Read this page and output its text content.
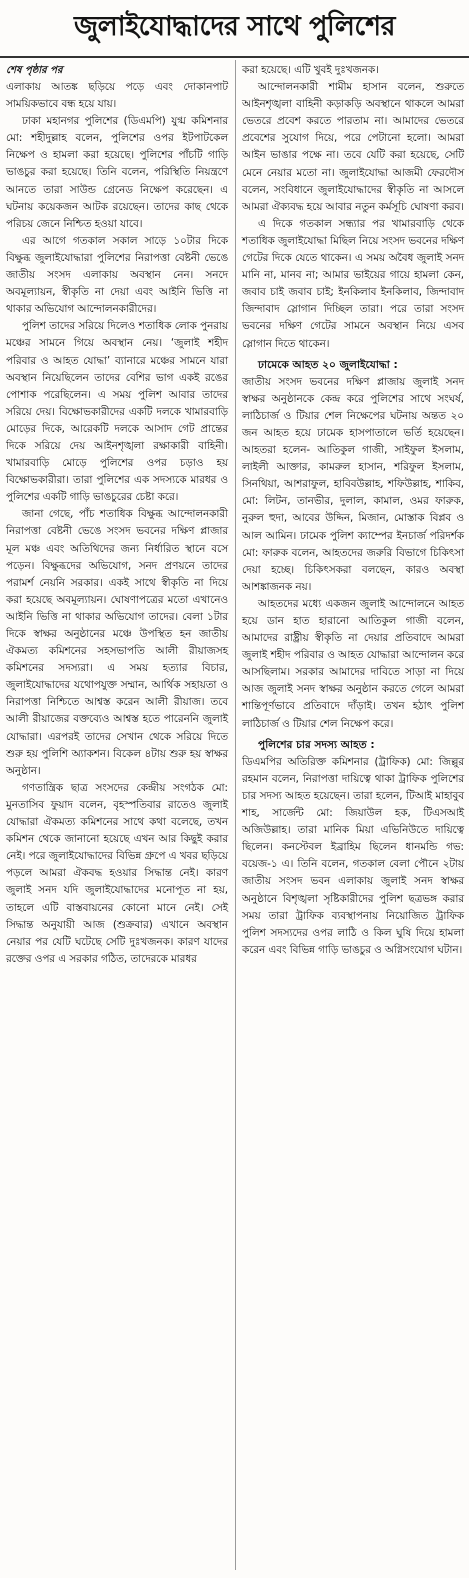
জুলাইযোদ্ধাদের সাথে পুলিশের
শেষ পৃষ্ঠার পর

এলাকায় আতঙ্ক ছড়িয়ে পড়ে এবং দোকানপাট সাময়িকভাবে বন্ধ হয়ে যায়।

ঢাকা মহানগর পুলিশের (ডিএমপি) যুগ্ম কমিশনার মো: শহীদুল্লাহ বলেন, পুলিশের ওপর ইটপাটকেল নিক্ষেপ ও হামলা করা হয়েছে। পুলিশের পাঁচটি গাড়ি ভাঙচুর করা হয়েছে। তিনি বলেন, পরিস্থিতি নিয়ন্ত্রণে আনতে তারা সাউন্ড গ্রেনেড নিক্ষেপ করেছেন। এ ঘটনায় কয়েকজন আটক রয়েছেন। তাদের কাছ থেকে পরিচয় জেনে নিশ্চিত হওয়া যাবে।

এর আগে গতকাল সকাল সাড়ে ১০টার দিকে বিক্ষুব্ধ জুলাইযোদ্ধারা পুলিশের নিরাপত্তা বেষ্টনী ভেঙে জাতীয় সংসদ এলাকায় অবস্থান নেন। সনদে অবমূল্যায়ন, স্বীকৃতি না দেয়া এবং আইনি ভিত্তি না থাকার অভিযোগ আন্দোলনকারীদের।

পুলিশ তাদের সরিয়ে দিলেও শতাধিক লোক পুনরায় মঞ্চের সামনে গিয়ে অবস্থান নেয়। ‘জুলাই শহীদ পরিবার ও আহত যোদ্ধা’ ব্যানারে মঞ্চের সামনে যারা অবস্থান নিয়েছিলেন তাদের বেশির ভাগ একই রঙের পোশাক পরেছিলেন। এ সময় পুলিশ আবার তাদের সরিয়ে দেয়। বিক্ষোভকারীদের একটি দলকে খামারবাড়ি মোড়ের দিকে, আরেকটি দলকে আসাদ গেট প্রান্তের দিকে সরিয়ে দেয় আইনশৃঙ্খলা রক্ষাকারী বাহিনী। খামারবাড়ি মোড়ে পুলিশের ওপর চড়াও হয় বিক্ষোভকারীরা। তারা পুলিশের এক সদস্যকে মারধর ও পুলিশের একটি গাড়ি ভাঙচুরের চেষ্টা করে।

জানা গেছে, পাঁচ শতাধিক বিক্ষুব্ধ আন্দোলনকারী নিরাপত্তা বেষ্টনী ভেঙে সংসদ ভবনের দক্ষিণ প্লাজার মূল মঞ্চ এবং অতিথিদের জন্য নির্ধারিত স্থানে বসে পড়েন। বিক্ষুব্ধদের অভিযোগ, সনদ প্রণয়নে তাদের পরামর্শ নেয়নি সরকার। একই সাথে স্বীকৃতি না দিয়ে করা হয়েছে অবমূল্যায়ন। ঘোষণাপত্রের মতো এখানেও আইনি ভিত্তি না থাকার অভিযোগ তাদের। বেলা ১টার দিকে স্বাক্ষর অনুষ্ঠানের মঞ্চে উপস্থিত হন জাতীয় ঐকমত্য কমিশনের সহসভাপতি আলী রীয়াজসহ কমিশনের সদস্যরা। এ সময় হত্যার বিচার, জুলাইযোদ্ধাদের যথোপযুক্ত সম্মান, আর্থিক সহায়তা ও নিরাপত্তা নিশ্চিতে আশ্বস্ত করেন আলী রীয়াজ। তবে আলী রীয়াজের বক্তব্যেও আশ্বস্ত হতে পারেননি জুলাই যোদ্ধারা। এরপরই তাদের সেখান থেকে সরিয়ে দিতে শুরু হয় পুলিশি অ্যাকশন। বিকেল ৪টায় শুরু হয় স্বাক্ষর অনুষ্ঠান।

গণতান্ত্রিক ছাত্র সংসদের কেন্দ্রীয় সংগঠক মো: মুনতাসিব ফুয়াদ বলেন, বৃহস্পতিবার রাতেও জুলাই যোদ্ধারা ঐকমত্য কমিশনের সাথে কথা বলেছে, তখন কমিশন থেকে জানানো হয়েছে এখন আর কিছুই করার নেই। পরে জুলাইযোদ্ধাদের বিভিন্ন গ্রুপে এ খবর ছড়িয়ে পড়লে আমরা ঐকবদ্ধ হওয়ার সিদ্ধান্ত নেই। কারণ জুলাই সনদ যদি জুলাইযোদ্ধাদের মনোপূত না হয়, তাহলে এটি বাস্তবায়নের কোনো মানে নেই। সেই সিদ্ধান্ত অনুযায়ী আজ (শুক্রবার) এখানে অবস্থান নেয়ার পর যেটি ঘটেছে সেটি দুঃখজনক। কারণ যাদের রক্তের ওপর এ সরকার গঠিত, তাদেরকে মারধর

করা হয়েছে। এটি খুবই দুঃখজনক।

আন্দোলনকারী শামীম হাসান বলেন, শুরুতে আইনশৃঙ্খলা বাহিনী কড়াকড়ি অবস্থানে থাকলে আমরা ভেতরে প্রবেশ করতে পারতাম না। আমাদের ভেতরে প্রবেশের সুযোগ দিয়ে, পরে পেটানো হলো। আমরা আইন ভাঙার পক্ষে না। তবে যেটি করা হয়েছে, সেটি মেনে নেয়ার মতো না। জুলাইযোদ্ধা আজমী ফেরদৌস বলেন, সংবিধানে জুলাইযোদ্ধাদের স্বীকৃতি না আসলে আমরা ঐক্যবদ্ধ হয়ে আবার নতুন কর্মসূচি ঘোষণা করব।

এ দিকে গতকাল সন্ধ্যার পর খামারবাড়ি থেকে শতাধিক জুলাইযোদ্ধা মিছিল নিয়ে সংসদ ভবনের দক্ষিণ গেটের দিকে যেতে থাকেন। এ সময় অবৈধ জুলাই সনদ মানি না, মানব না; আমার ভাইয়ের গায়ে হামলা কেন, জবাব চাই জবাব চাই; ইনকিলাব ইনকিলাব, জিন্দাবাদ জিন্দাবাদ স্লোগান দিচ্ছিল তারা। পরে তারা সংসদ ভবনের দক্ষিণ গেটের সামনে অবস্থান নিয়ে এসব স্লোগান দিতে থাকেন।

ঢামেকে আহত ২০ জুলাইযোদ্ধা :
জাতীয় সংসদ ভবনের দক্ষিণ প্লাজায় জুলাই সনদ স্বাক্ষর অনুষ্ঠানকে কেন্দ্র করে পুলিশের সাথে সংঘর্ষ, লাঠিচার্জ ও টিয়ার শেল নিক্ষেপের ঘটনায় অন্তত ২০ জন আহত হয়ে ঢামেক হাসপাতালে ভর্তি হয়েছেন। আহতরা হলেন- আতিকুল গাজী, সাইফুল ইসলাম, লাইলী আক্তার, কামরুল হাসান, শরিফুল ইসলাম, সিনথিয়া, আশরাফুল, হাবিবউল্লাহ, শফিউল্লাহ, শাকিব, মো: লিটন, তানভীর, দুলাল, কামাল, ওমর ফারুক, নুরুল হুদা, আবের উদ্দিন, মিজান, মোস্তাক বিপ্লব ও আল আমিন। ঢামেক পুলিশ ক্যাম্পের ইনচার্জ পরিদর্শক মো: ফারুক বলেন, আহতদের জরুরি বিভাগে চিকিৎসা দেয়া হচ্ছে। চিকিৎসকরা বলছেন, কারও অবস্থা আশঙ্কাজনক নয়।

আহতদের মধ্যে একজন জুলাই আন্দোলনে আহত হয়ে ডান হাত হারানো আতিকুল গাজী বলেন, আমাদের রাষ্ট্রীয় স্বীকৃতি না দেয়ার প্রতিবাদে আমরা জুলাই শহীদ পরিবার ও আহত যোদ্ধারা আন্দোলন করে আসছিলাম। সরকার আমাদের দাবিতে সাড়া না দিয়ে আজ জুলাই সনদ স্বাক্ষর অনুষ্ঠান করতে গেলে আমরা শান্তিপূর্ণভাবে প্রতিবাদে দাঁড়াই। তখন হঠাৎ পুলিশ লাঠিচার্জ ও টিয়ার শেল নিক্ষেপ করে।

পুলিশের চার সদস্য আহত :
ডিএমপির অতিরিক্ত কমিশনার (ট্রাফিক) মো: জিল্লুর রহমান বলেন, নিরাপত্তা দায়িত্বে থাকা ট্রাফিক পুলিশের চার সদস্য আহত হয়েছেন। তারা হলেন, টিআই মাহাবুব শাহ, সার্জেন্ট মো: জিয়াউল হক, টিএসআই অজিউল্লাহ। তারা মানিক মিয়া এভিনিউতে দায়িত্বে ছিলেন। কনস্টেবল ইব্রাহিম ছিলেন ধানমন্ডি গভ: বয়েজ-১ এ। তিনি বলেন, গতকাল বেলা পৌনে ২টায় জাতীয় সংসদ ভবন এলাকায় জুলাই সনদ স্বাক্ষর অনুষ্ঠানে বিশৃঙ্খলা সৃষ্টিকারীদের পুলিশ ছত্রভঙ্গ করার সময় তারা ট্রাফিক ব্যবস্থাপনায় নিয়োজিত ট্রাফিক পুলিশ সদস্যদের ওপর লাঠি ও কিল ঘুষি দিয়ে হামলা করেন এবং বিভিন্ন গাড়ি ভাঙচুর ও অগ্নিসংযোগ ঘটান।
